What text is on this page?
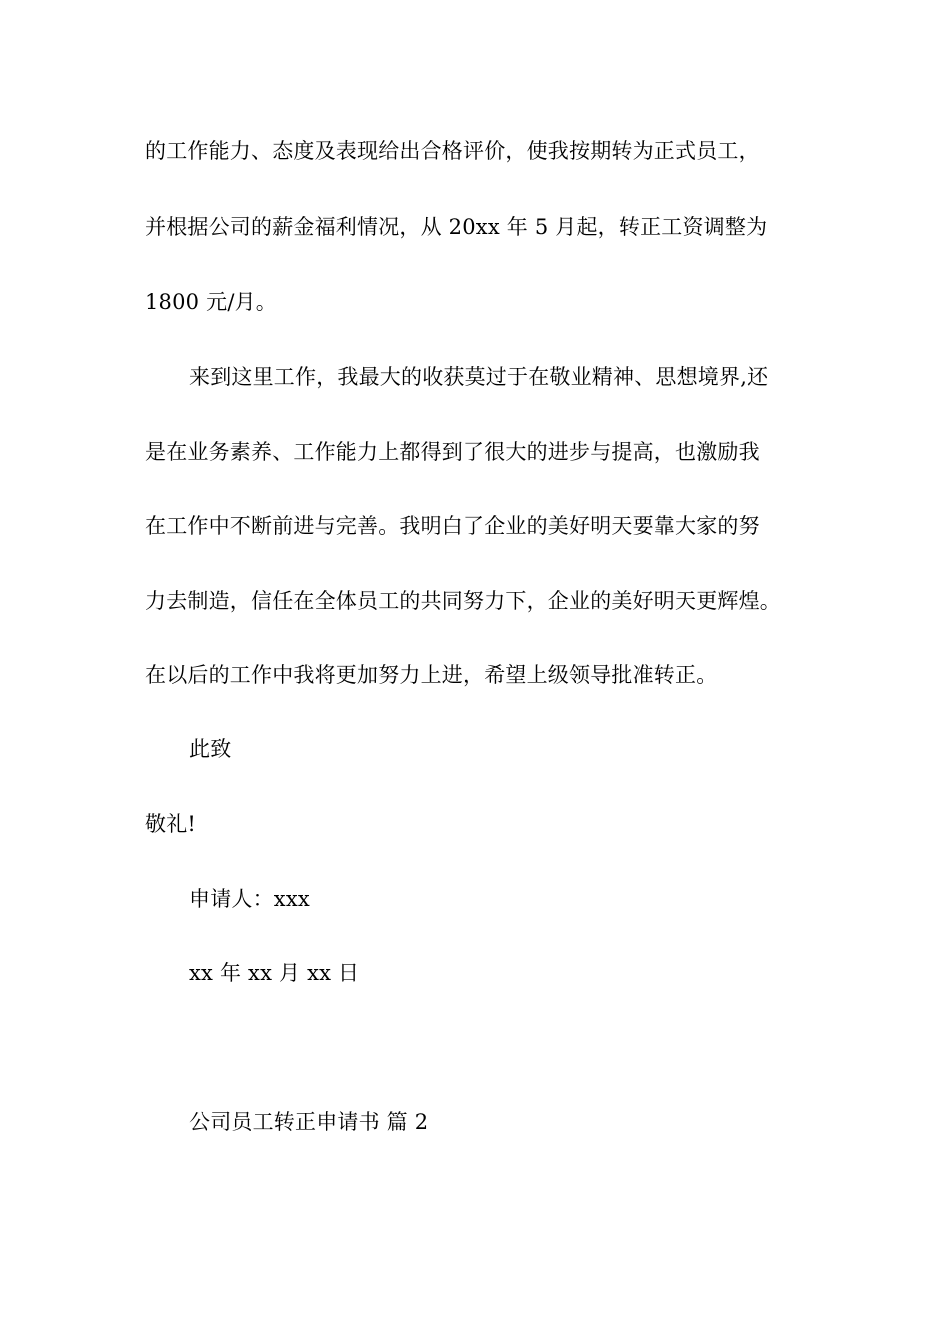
的工作能力、态度及表现给出合格评价，使我按期转为正式员工，
并根据公司的薪金福利情况，从 20xx 年 5 月起，转正工资调整为
1800 元/月。
来到这里工作，我最大的收获莫过于在敬业精神、思想境界,还
是在业务素养、工作能力上都得到了很大的进步与提高，也激励我
在工作中不断前进与完善。我明白了企业的美好明天要靠大家的努
力去制造，信任在全体员工的共同努力下，企业的美好明天更辉煌。
在以后的工作中我将更加努力上进，希望上级领导批准转正。
此致
敬礼!
申请人：xxx
xx 年 xx 月 xx 日
公司员工转正申请书 篇 2
